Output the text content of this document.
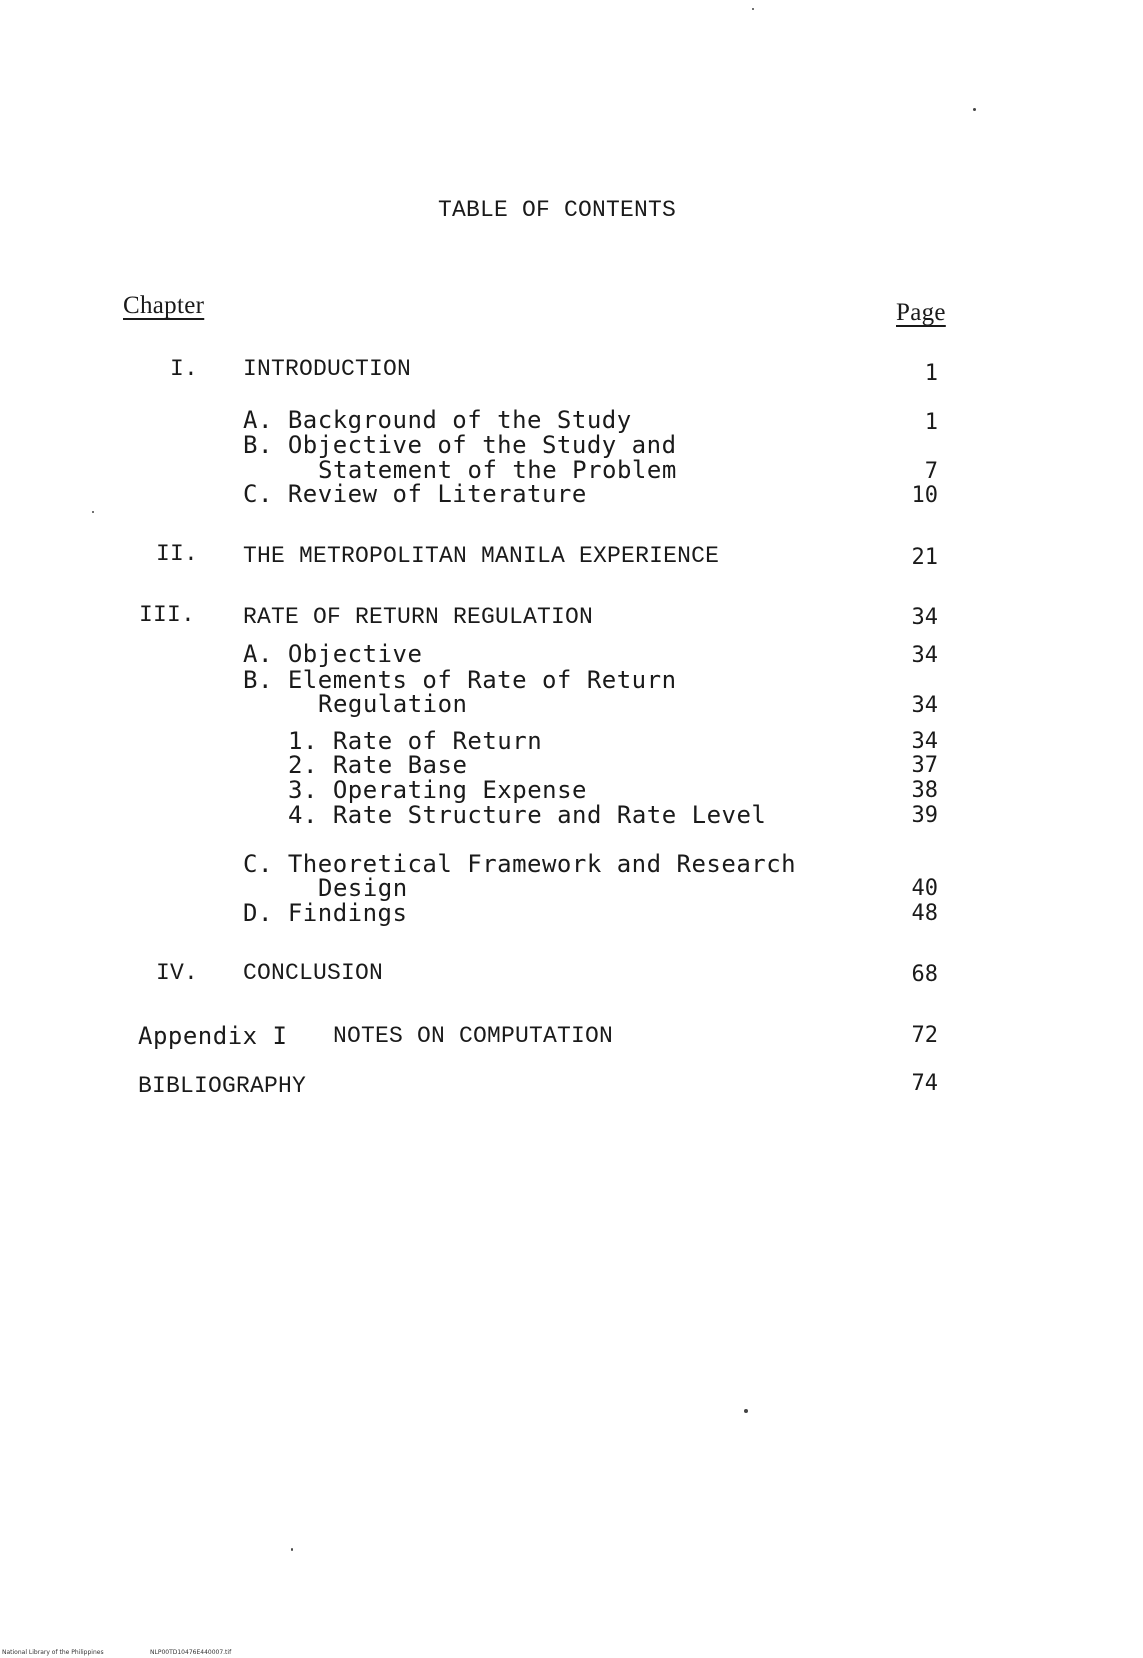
TABLE OF CONTENTS
Chapter	Page
I. INTRODUCTION	1
A. Background of the Study	1
B. Objective of the Study and
Statement of the Problem	7
C. Review of Literature	10
II. THE METROPOLITAN MANILA EXPERIENCE	21
III. RATE OF RETURN REGULATION	34
A. Objective	34
B. Elements of Rate of Return
Regulation	34
1. Rate of Return	34
2. Rate Base	37
3. Operating Expense	38
4. Rate Structure and Rate Level	39
C. Theoretical Framework and Research
Design	40
D. Findings	48
IV. CONCLUSION	68
Appendix I NOTES ON COMPUTATION	72
BIBLIOGRAPHY	74
National Library of the Philippines	NLP00TD10476E440007.tif
